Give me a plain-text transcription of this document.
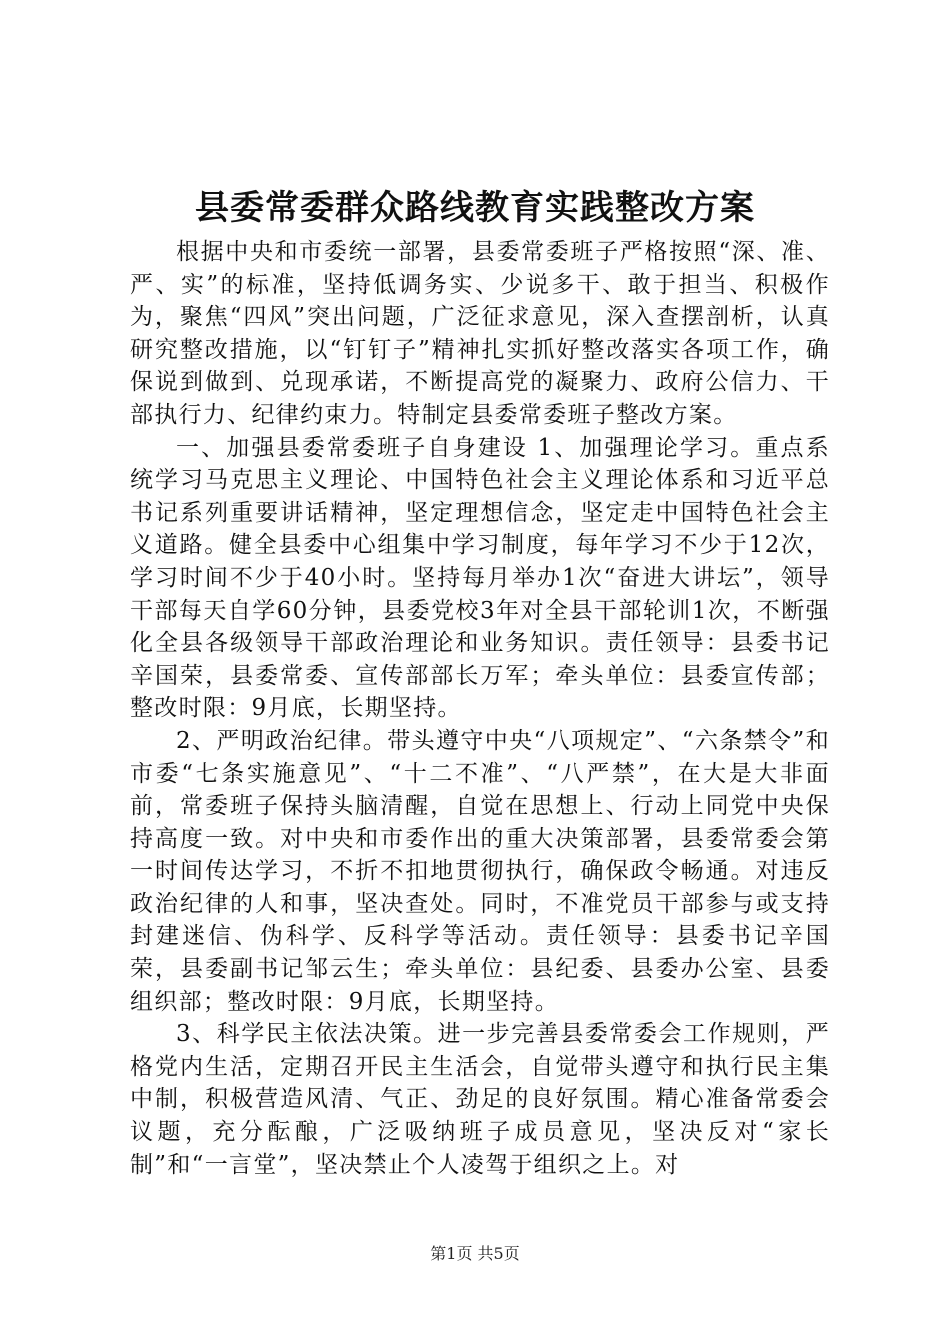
县委常委群众路线教育实践整改方案

根据中央和市委统一部署，县委常委班子严格按照“深、准、严、实”的标准，坚持低调务实、少说多干、敢于担当、积极作为，聚焦“四风”突出问题，广泛征求意见，深入查摆剖析，认真研究整改措施，以“钉钉子”精神扎实抓好整改落实各项工作，确保说到做到、兑现承诺，不断提高党的凝聚力、政府公信力、干部执行力、纪律约束力。特制定县委常委班子整改方案。

一、加强县委常委班子自身建设 1、加强理论学习。重点系统学习马克思主义理论、中国特色社会主义理论体系和习近平总书记系列重要讲话精神，坚定理想信念，坚定走中国特色社会主义道路。健全县委中心组集中学习制度，每年学习不少于12次，学习时间不少于40小时。坚持每月举办1次“奋进大讲坛”，领导干部每天自学60分钟，县委党校3年对全县干部轮训1次，不断强化全县各级领导干部政治理论和业务知识。责任领导：县委书记辛国荣，县委常委、宣传部部长万军；牵头单位：县委宣传部；整改时限：9月底，长期坚持。

2、严明政治纪律。带头遵守中央“八项规定”、“六条禁令”和市委“七条实施意见”、“十二不准”、“八严禁”，在大是大非面前，常委班子保持头脑清醒，自觉在思想上、行动上同党中央保持高度一致。对中央和市委作出的重大决策部署，县委常委会第一时间传达学习，不折不扣地贯彻执行，确保政令畅通。对违反政治纪律的人和事，坚决查处。同时，不准党员干部参与或支持封建迷信、伪科学、反科学等活动。责任领导：县委书记辛国荣，县委副书记邹云生；牵头单位：县纪委、县委办公室、县委组织部；整改时限：9月底，长期坚持。

3、科学民主依法决策。进一步完善县委常委会工作规则，严格党内生活，定期召开民主生活会，自觉带头遵守和执行民主集中制，积极营造风清、气正、劲足的良好氛围。精心准备常委会议题，充分酝酿，广泛吸纳班子成员意见，坚决反对“家长制”和“一言堂”，坚决禁止个人凌驾于组织之上。对

第1页 共5页
